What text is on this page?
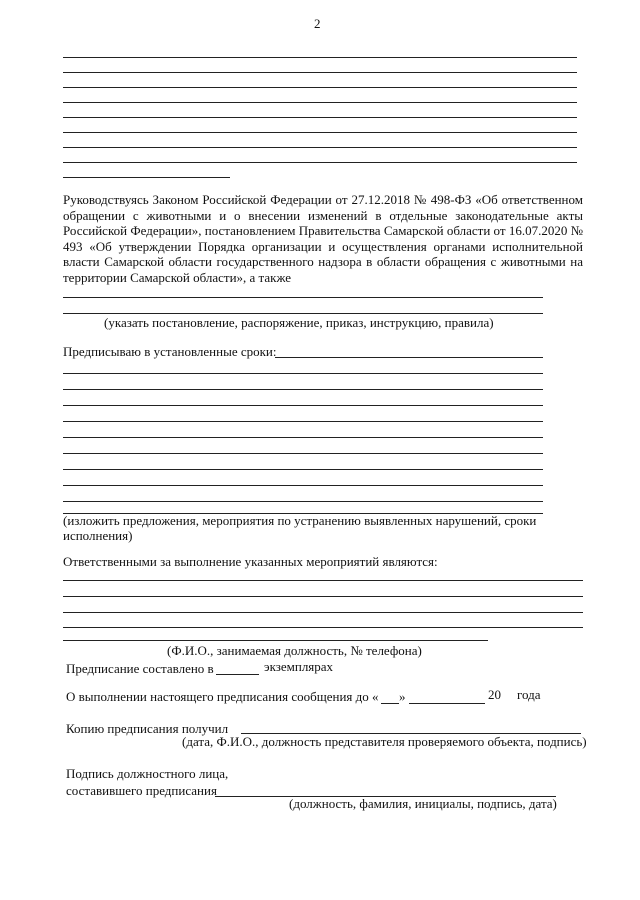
2
Руководствуясь Законом Российской Федерации от 27.12.2018 № 498-ФЗ «Об ответственном обращении с животными и о внесении изменений в отдельные законодательные акты Российской Федерации», постановлением Правительства Самарской области от 16.07.2020 № 493 «Об утверждении Порядка организации и осуществления органами исполнительной власти Самарской области государственного надзора в области обращения с животными на территории Самарской области», а также
(указать постановление, распоряжение, приказ, инструкцию, правила)
Предписываю в установленные сроки:
(изложить предложения, мероприятия по устранению выявленных нарушений, сроки
исполнения)
Ответственными за выполнение указанных мероприятий являются:
(Ф.И.О., занимаемая должность, № телефона)
Предписание составлено в	экземплярах
О выполнении настоящего предписания сообщения до « »	20 года
Копию предписания получил
(дата, Ф.И.О., должность представителя проверяемого объекта, подпись)
Подпись должностного лица,
составившего предписания
(должность, фамилия, инициалы, подпись, дата)
